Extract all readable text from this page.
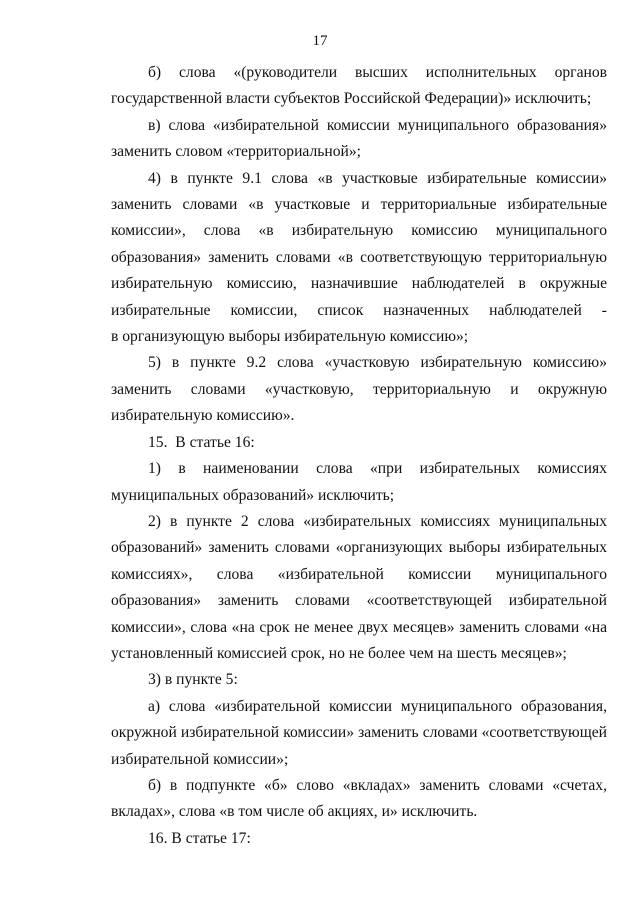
17

б) слова «(руководители высших исполнительных органов государственной власти субъектов Российской Федерации)» исключить;

в) слова «избирательной комиссии муниципального образования» заменить словом «территориальной»;

4) в пункте 9.1 слова «в участковые избирательные комиссии» заменить словами «в участковые и территориальные избирательные комиссии», слова «в избирательную комиссию муниципального образования» заменить словами «в соответствующую территориальную избирательную комиссию, назначившие наблюдателей в окружные избирательные комиссии, список назначенных наблюдателей - в организующую выборы избирательную комиссию»;

5) в пункте 9.2 слова «участковую избирательную комиссию» заменить словами «участковую, территориальную и окружную избирательную комиссию».

15.  В статье 16:

1) в наименовании слова «при избирательных комиссиях муниципальных образований» исключить;

2) в пункте 2 слова «избирательных комиссиях муниципальных образований» заменить словами «организующих выборы избирательных комиссиях», слова «избирательной комиссии муниципального образования» заменить словами «соответствующей избирательной комиссии», слова «на срок не менее двух месяцев» заменить словами «на установленный комиссией срок, но не более чем на шесть месяцев»;

3) в пункте 5:

а) слова «избирательной комиссии муниципального образования, окружной избирательной комиссии» заменить словами «соответствующей избирательной комиссии»;

б) в подпункте «б» слово «вкладах» заменить словами «счетах, вкладах», слова «в том числе об акциях, и» исключить.

16. В статье 17:
